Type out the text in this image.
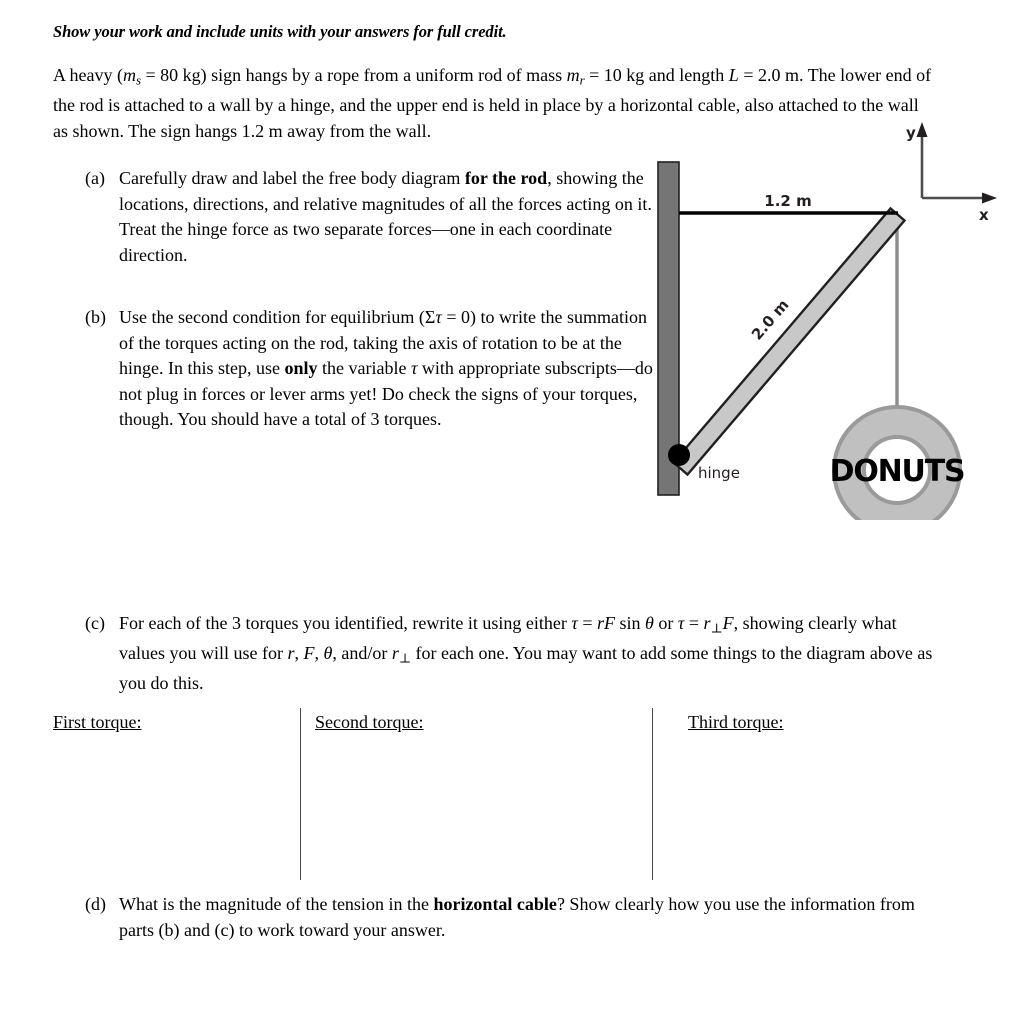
Show your work and include units with your answers for full credit.
A heavy ($m_s = 80$ kg) sign hangs by a rope from a uniform rod of mass $m_r = 10$ kg and length L = 2.0 m. The lower end of the rod is attached to a wall by a hinge, and the upper end is held in place by a horizontal cable, also attached to the wall as shown. The sign hangs 1.2 m away from the wall.
(a) Carefully draw and label the free body diagram for the rod, showing the locations, directions, and relative magnitudes of all the forces acting on it. Treat the hinge force as two separate forces—one in each coordinate direction.
(b) Use the second condition for equilibrium (Στ = 0) to write the summation of the torques acting on the rod, taking the axis of rotation to be at the hinge. In this step, use only the variable τ with appropriate subscripts—do not plug in forces or lever arms yet! Do check the signs of your torques, though. You should have a total of 3 torques.
(c) For each of the 3 torques you identified, rewrite it using either τ = rF sin θ or $\tau = r_\perp F$, showing clearly what values you will use for r, F, θ, and/or $r_\perp$ for each one. You may want to add some things to the diagram above as you do this.
First torque:	Second torque:	Third torque:
(d) What is the magnitude of the tension in the horizontal cable? Show clearly how you use the information from parts (b) and (c) to work toward your answer.
DONUTS
1.2 m
2.0 m
hinge
y
x
